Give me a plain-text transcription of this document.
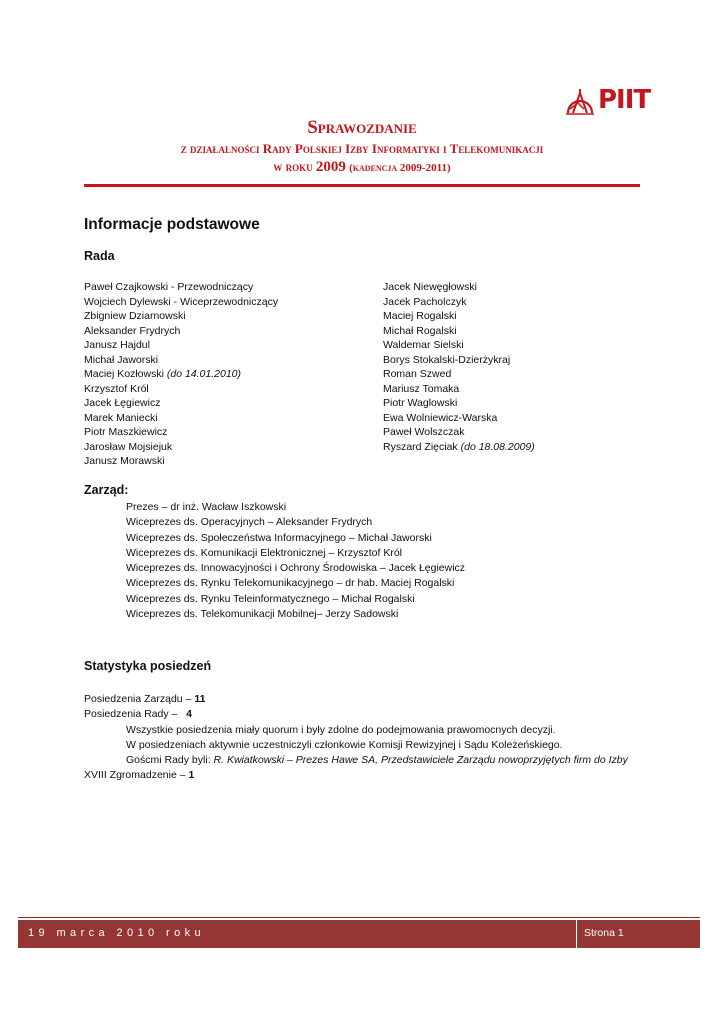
PIIT
Sprawozdanie
z działalności Rady Polskiej Izby Informatyki i Telekomunikacji
w roku 2009 (kadencja 2009-2011)
Informacje podstawowe
Rada
Paweł Czajkowski - Przewodniczący
Wojciech Dylewski - Wiceprzewodniczący
Zbigniew Dziarnowski
Aleksander Frydrych
Janusz Hajdul
Michał Jaworski
Maciej Kozłowski (do 14.01.2010)
Krzysztof Król
Jacek Łęgiewicz
Marek Maniecki
Piotr Maszkiewicz
Jarosław Mojsiejuk
Janusz Morawski
Jacek Niewęgłowski
Jacek Pacholczyk
Maciej Rogalski
Michał Rogalski
Waldemar Sielski
Borys Stokalski-Dzierżykraj
Roman Szwed
Mariusz Tomaka
Piotr Waglowski
Ewa Wolniewicz-Warska
Paweł Wolszczak
Ryszard Zięciak (do 18.08.2009)
Zarząd:
Prezes – dr inż. Wacław Iszkowski
Wiceprezes ds. Operacyjnych – Aleksander Frydrych
Wiceprezes ds. Społeczeństwa Informacyjnego – Michał Jaworski
Wiceprezes ds. Komunikacji Elektronicznej – Krzysztof Król
Wiceprezes ds. Innowacyjności i Ochrony Środowiska – Jacek Łęgiewicz
Wiceprezes ds. Rynku Telekomunikacyjnego – dr hab. Maciej Rogalski
Wiceprezes ds. Rynku Teleinformatycznego – Michał Rogalski
Wiceprezes ds. Telekomunikacji Mobilnej– Jerzy Sadowski
Statystyka posiedzeń
Posiedzenia Zarządu – 11
Posiedzenia Rady –   4
Wszystkie posiedzenia miały quorum i były zdolne do podejmowania prawomocnych decyzji.
W posiedzeniach aktywnie uczestniczyli członkowie Komisji Rewizyjnej i Sądu Koleżeńskiego.
Goścmi Rady byli: R. Kwiatkowski – Prezes Hawe SA, Przedstawiciele Zarządu nowoprzyjętych firm do Izby
XVIII Zgromadzenie – 1
19 marca 2010 roku	Strona 1
